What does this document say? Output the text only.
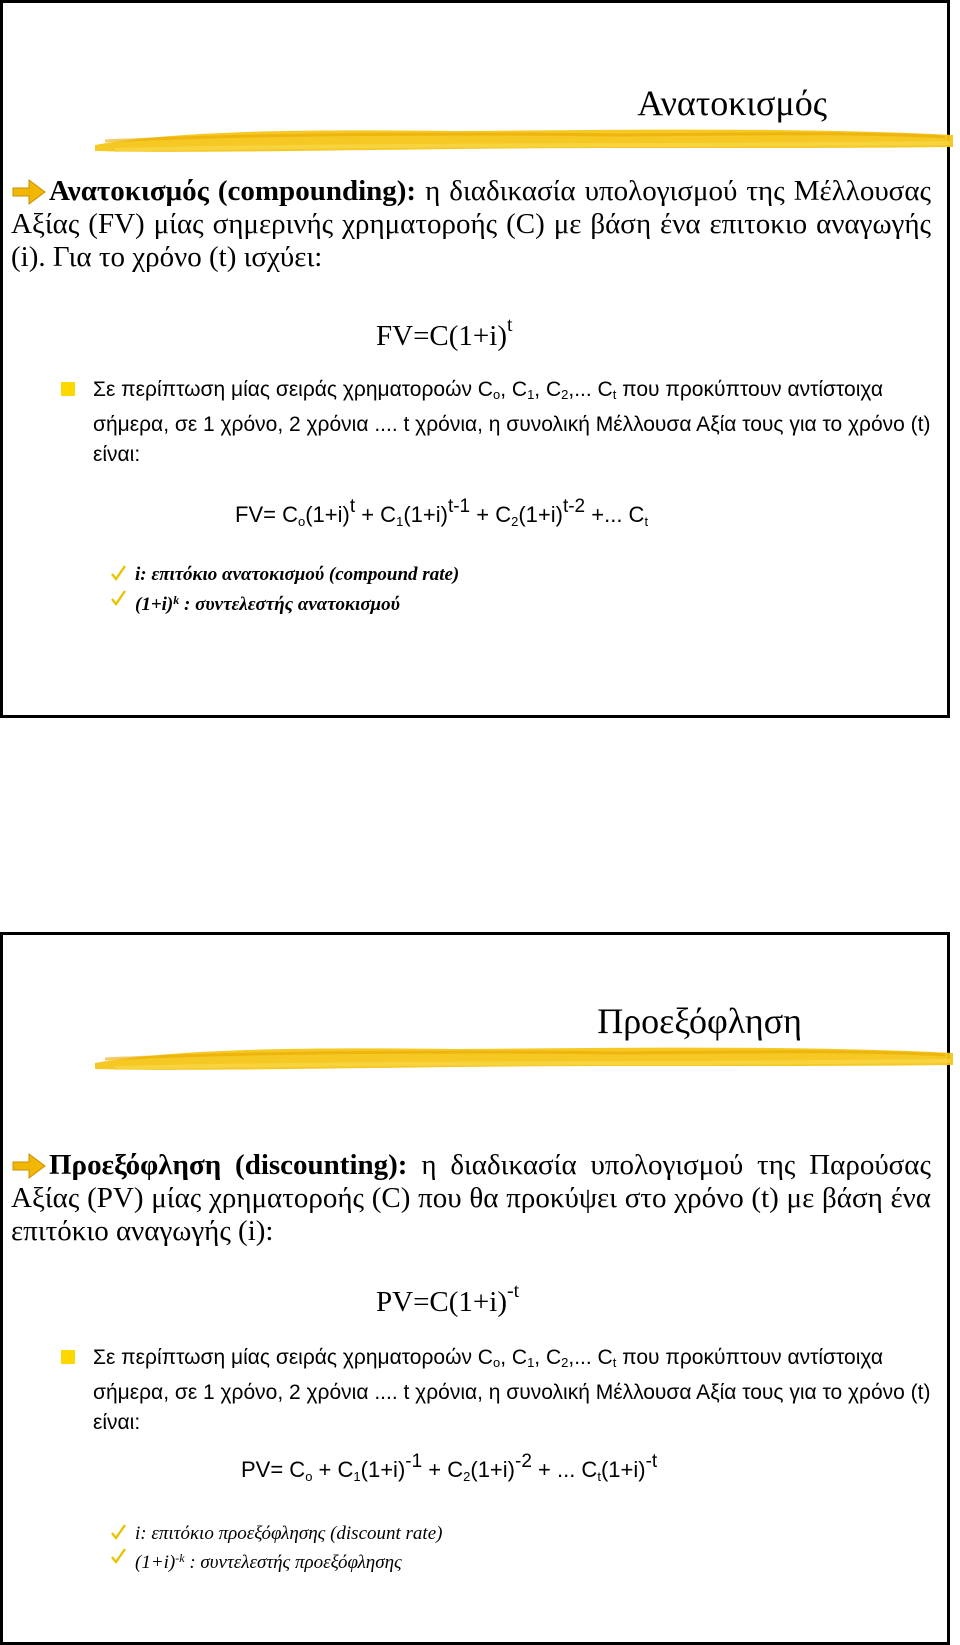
Ανατοκισμός
Ανατοκισμός (compounding): η διαδικασία υπολογισμού της Μέλλουσας Αξίας (FV) μίας σημερινής χρηματοροής (C) με βάση ένα επιτοκιο αναγωγής (i). Για το χρόνο (t) ισχύει:
$FV=C(1+i)^t$
Σε περίπτωση μίας σειράς χρηματοροών $C_o$, $C_1$, $C_2$,... $C_t$ που προκύπτουν αντίστοιχα σήμερα, σε 1 χρόνο, 2 χρόνια .... t χρόνια, η συνολική Μέλλουσα Αξία τους για το χρόνο (t) είναι:
$FV= C_o(1+i)^t + C_1(1+i)^{t-1} + C_2(1+i)^{t-2}$ +... $C_t$
i: επιτόκιο ανατοκισμού (compound rate)
$(1+i)^k$ : συντελεστής ανατοκισμού
Προεξόφληση
Προεξόφληση (discounting): η διαδικασία υπολογισμού της Παρούσας Αξίας (PV) μίας χρηματοροής (C) που θα προκύψει στο χρόνο (t) με βάση ένα επιτόκιο αναγωγής (i):
$PV=C(1+i)^{-t}$
Σε περίπτωση μίας σειράς χρηματοροών $C_o$, $C_1$, $C_2$,... $C_t$ που προκύπτουν αντίστοιχα σήμερα, σε 1 χρόνο, 2 χρόνια .... t χρόνια, η συνολική Μέλλουσα Αξία τους για το χρόνο (t) είναι:
$PV= C_o + C_1(1+i)^{-1} + C_2(1+i)^{-2}$ + ... $C_t(1+i)^{-t}$
i: επιτόκιο προεξόφλησης (discount rate)
$(1+i)^{-k}$ : συντελεστής προεξόφλησης
